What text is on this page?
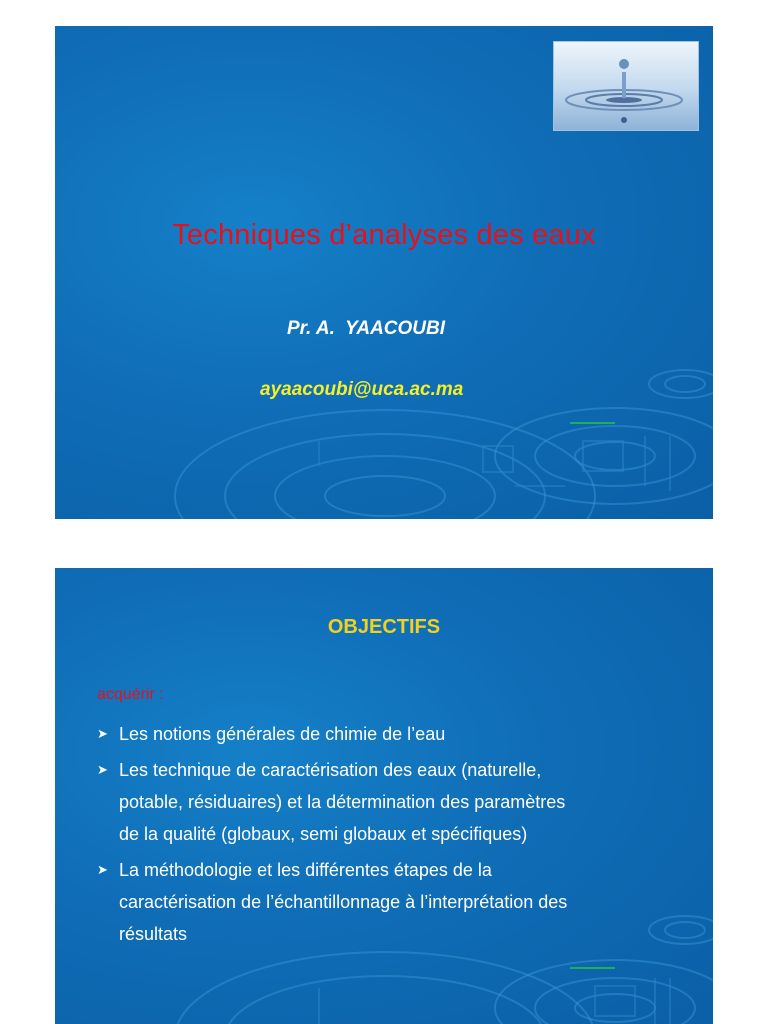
Techniques d’analyses des eaux
Pr. A.  YAACOUBI
ayaacoubi@uca.ac.ma
OBJECTIFS
acquérir :
➤ Les notions générales de chimie de l’eau
➤ Les technique de caractérisation des eaux (naturelle,
potable, résiduaires) et la détermination des paramètres
de la qualité (globaux, semi globaux et spécifiques)
➤ La méthodologie et les différentes étapes de la
caractérisation de l’échantillonnage à l’interprétation des
résultats
